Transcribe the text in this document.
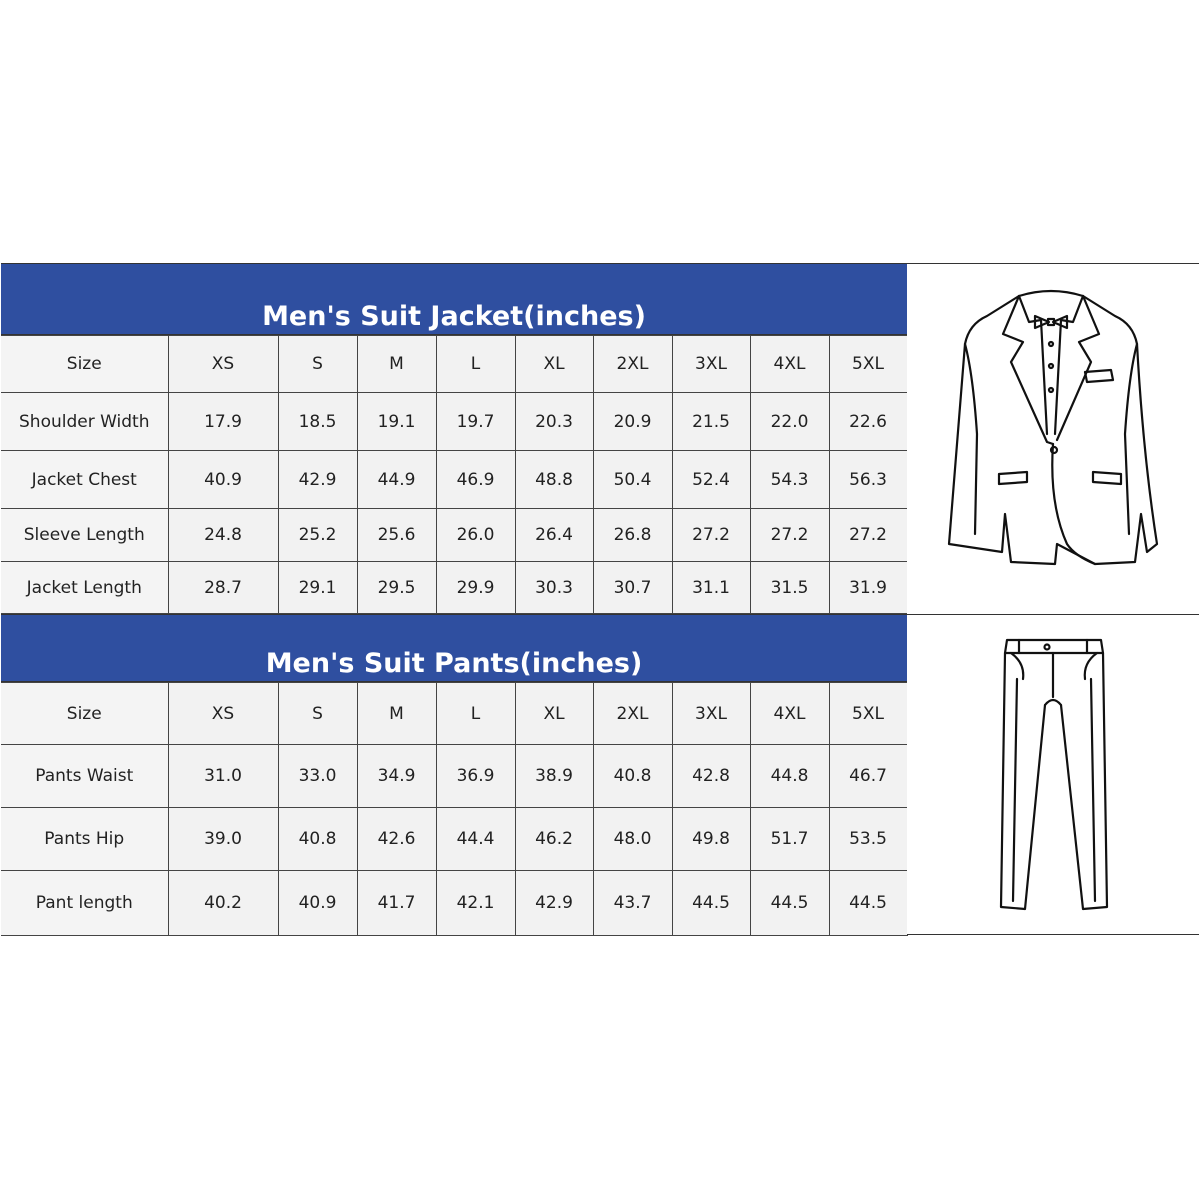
Men's Suit Jacket(inches)
Size	XS	S	M	L	XL	2XL	3XL	4XL	5XL
Shoulder Width	17.9	18.5	19.1	19.7	20.3	20.9	21.5	22.0	22.6
Jacket Chest	40.9	42.9	44.9	46.9	48.8	50.4	52.4	54.3	56.3
Sleeve Length	24.8	25.2	25.6	26.0	26.4	26.8	27.2	27.2	27.2
Jacket Length	28.7	29.1	29.5	29.9	30.3	30.7	31.1	31.5	31.9
Men's Suit Pants(inches)
Size	XS	S	M	L	XL	2XL	3XL	4XL	5XL
Pants Waist	31.0	33.0	34.9	36.9	38.9	40.8	42.8	44.8	46.7
Pants Hip	39.0	40.8	42.6	44.4	46.2	48.0	49.8	51.7	53.5
Pant length	40.2	40.9	41.7	42.1	42.9	43.7	44.5	44.5	44.5
